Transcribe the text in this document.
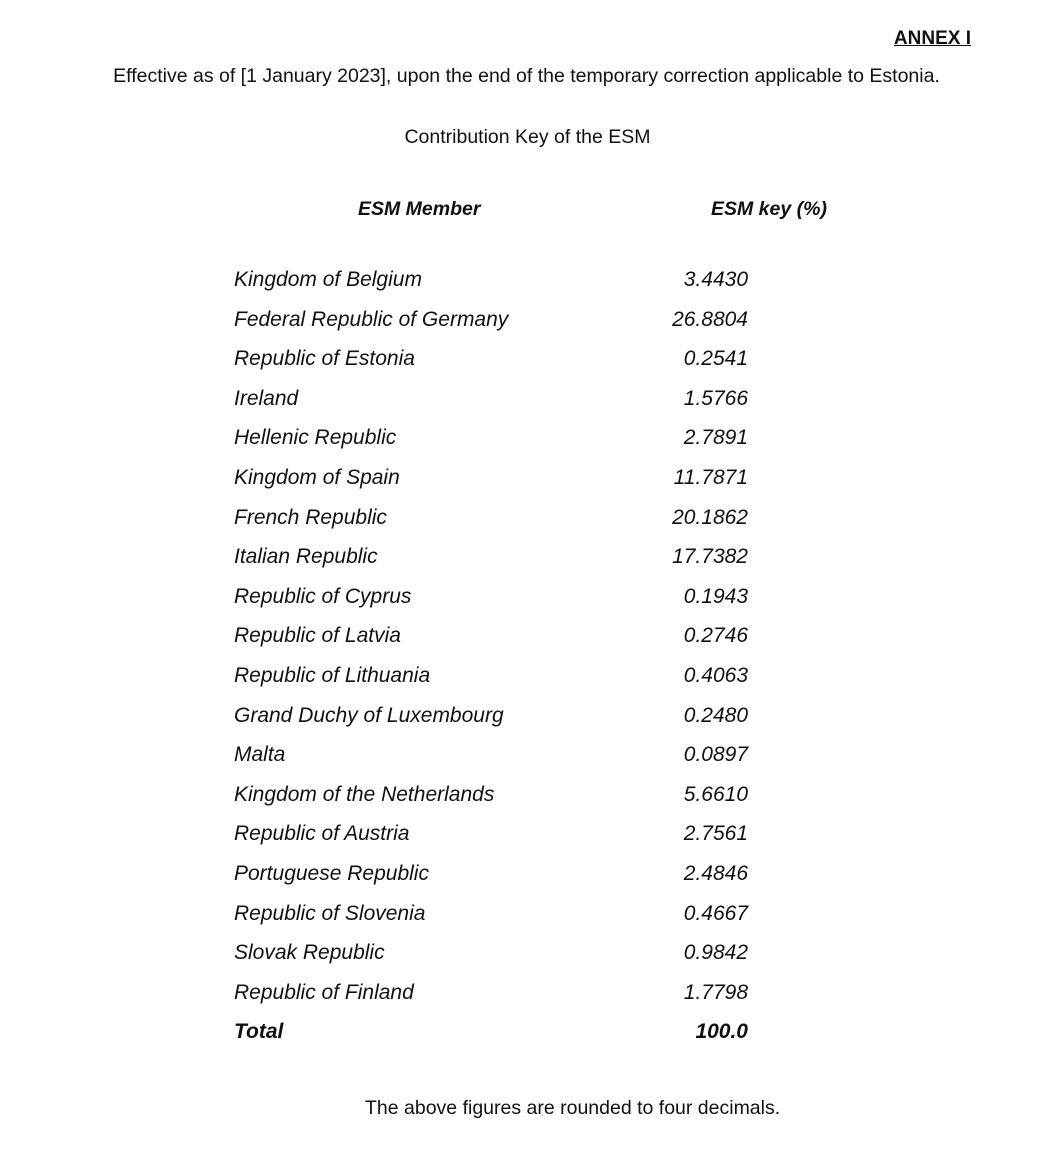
ANNEX I

Effective as of [1 January 2023], upon the end of the temporary correction applicable to Estonia.

Contribution Key of the ESM

ESM Member	ESM key (%)

Kingdom of Belgium	3.4430
Federal Republic of Germany	26.8804
Republic of Estonia	0.2541
Ireland	1.5766
Hellenic Republic	2.7891
Kingdom of Spain	11.7871
French Republic	20.1862
Italian Republic	17.7382
Republic of Cyprus	0.1943
Republic of Latvia	0.2746
Republic of Lithuania	0.4063
Grand Duchy of Luxembourg	0.2480
Malta	0.0897
Kingdom of the Netherlands	5.6610
Republic of Austria	2.7561
Portuguese Republic	2.4846
Republic of Slovenia	0.4667
Slovak Republic	0.9842
Republic of Finland	1.7798
Total	100.0

The above figures are rounded to four decimals.
